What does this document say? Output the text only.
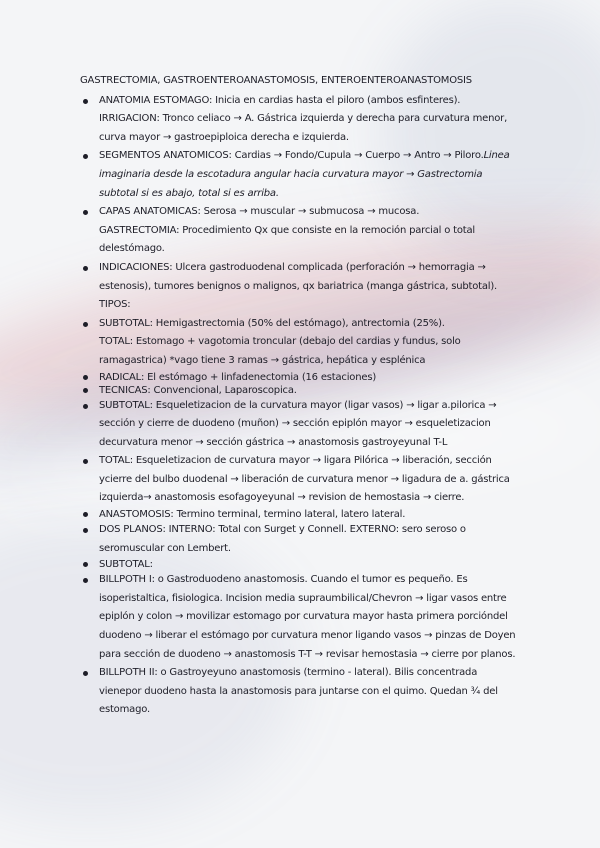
GASTRECTOMIA, GASTROENTEROANASTOMOSIS, ENTEROENTEROANASTOMOSIS
ANATOMIA ESTOMAGO: Inicia en cardias hasta el piloro (ambos esfinteres).
IRRIGACION: Tronco celiaco → A. Gástrica izquierda y derecha para curvatura menor, curva mayor → gastroepiploica derecha e izquierda.
SEGMENTOS ANATOMICOS: Cardias → Fondo/Cupula → Cuerpo → Antro → Piloro.Linea imaginaria desde la escotadura angular hacia curvatura mayor → Gastrectomia subtotal si es abajo, total si es arriba.
CAPAS ANATOMICAS: Serosa → muscular → submucosa → mucosa.
GASTRECTOMIA: Procedimiento Qx que consiste en la remoción parcial o total delestómago.
INDICACIONES: Ulcera gastroduodenal complicada (perforación → hemorragia → estenosis), tumores benignos o malignos, qx bariatrica (manga gástrica, subtotal).
TIPOS:
SUBTOTAL: Hemigastrectomia (50% del estómago), antrectomia (25%).
TOTAL: Estomago + vagotomia troncular (debajo del cardias y fundus, solo ramagastrica) *vago tiene 3 ramas → gástrica, hepática y esplénica
RADICAL: El estómago + linfadenectomia (16 estaciones)
TECNICAS: Convencional, Laparoscopica.
SUBTOTAL: Esqueletizacion de la curvatura mayor (ligar vasos) → ligar a.pilorica → sección y cierre de duodeno (muñon) → sección epiplón mayor → esqueletizacion decurvatura menor → sección gástrica → anastomosis gastroyeyunal T-L
TOTAL: Esqueletizacion de curvatura mayor → ligara Pilórica → liberación, sección ycierre del bulbo duodenal → liberación de curvatura menor → ligadura de a. gástrica izquierda→ anastomosis esofagoyeyunal → revision de hemostasia → cierre.
ANASTOMOSIS: Termino terminal, termino lateral, latero lateral.
DOS PLANOS: INTERNO: Total con Surget y Connell. EXTERNO: sero seroso o seromuscular con Lembert.
SUBTOTAL:
BILLPOTH I: o Gastroduodeno anastomosis. Cuando el tumor es pequeño. Es isoperistaltica, fisiologica. Incision media supraumbilical/Chevron → ligar vasos entre epiplón y colon → movilizar estomago por curvatura mayor hasta primera porcióndel duodeno → liberar el estómago por curvatura menor ligando vasos → pinzas de Doyen para sección de duodeno → anastomosis T-T → revisar hemostasia → cierre por planos.
BILLPOTH II: o Gastroyeyuno anastomosis (termino - lateral). Bilis concentrada vienepor duodeno hasta la anastomosis para juntarse con el quimo. Quedan ¾ del estomago.
